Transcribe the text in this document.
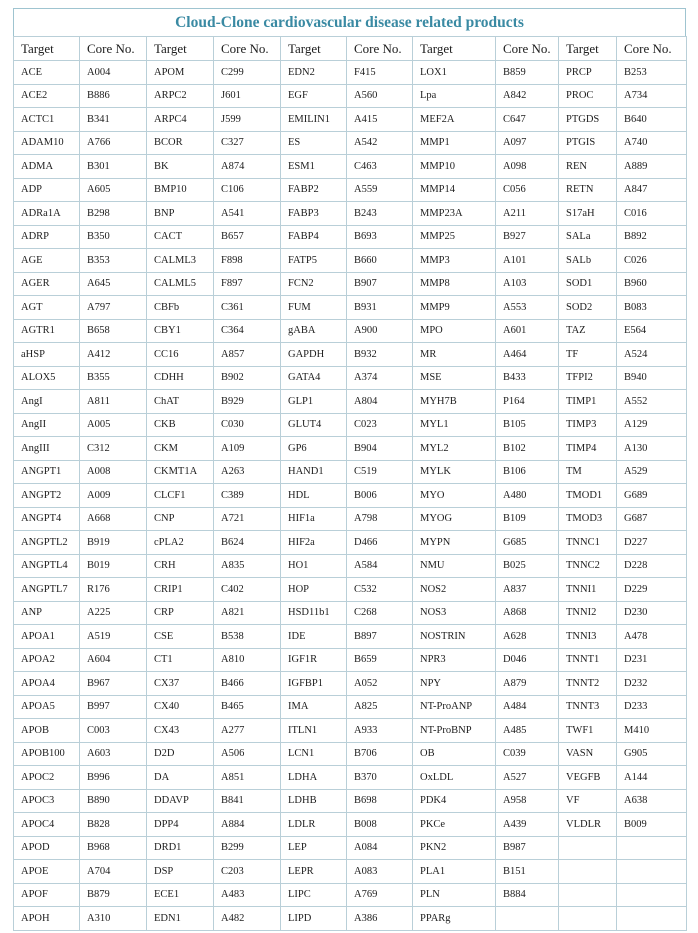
Cloud-Clone cardiovascular disease related products
Target	Core No.	Target	Core No.	Target	Core No.	Target	Core No.	Target	Core No.
ACE	A004	APOM	C299	EDN2	F415	LOX1	B859	PRCP	B253
ACE2	B886	ARPC2	J601	EGF	A560	Lpa	A842	PROC	A734
ACTC1	B341	ARPC4	J599	EMILIN1	A415	MEF2A	C647	PTGDS	B640
ADAM10	A766	BCOR	C327	ES	A542	MMP1	A097	PTGIS	A740
ADMA	B301	BK	A874	ESM1	C463	MMP10	A098	REN	A889
ADP	A605	BMP10	C106	FABP2	A559	MMP14	C056	RETN	A847
ADRa1A	B298	BNP	A541	FABP3	B243	MMP23A	A211	S17aH	C016
ADRP	B350	CACT	B657	FABP4	B693	MMP25	B927	SALa	B892
AGE	B353	CALML3	F898	FATP5	B660	MMP3	A101	SALb	C026
AGER	A645	CALML5	F897	FCN2	B907	MMP8	A103	SOD1	B960
AGT	A797	CBFb	C361	FUM	B931	MMP9	A553	SOD2	B083
AGTR1	B658	CBY1	C364	gABA	A900	MPO	A601	TAZ	E564
aHSP	A412	CC16	A857	GAPDH	B932	MR	A464	TF	A524
ALOX5	B355	CDHH	B902	GATA4	A374	MSE	B433	TFPI2	B940
AngI	A811	ChAT	B929	GLP1	A804	MYH7B	P164	TIMP1	A552
AngII	A005	CKB	C030	GLUT4	C023	MYL1	B105	TIMP3	A129
AngIII	C312	CKM	A109	GP6	B904	MYL2	B102	TIMP4	A130
ANGPT1	A008	CKMT1A	A263	HAND1	C519	MYLK	B106	TM	A529
ANGPT2	A009	CLCF1	C389	HDL	B006	MYO	A480	TMOD1	G689
ANGPT4	A668	CNP	A721	HIF1a	A798	MYOG	B109	TMOD3	G687
ANGPTL2	B919	cPLA2	B624	HIF2a	D466	MYPN	G685	TNNC1	D227
ANGPTL4	B019	CRH	A835	HO1	A584	NMU	B025	TNNC2	D228
ANGPTL7	R176	CRIP1	C402	HOP	C532	NOS2	A837	TNNI1	D229
ANP	A225	CRP	A821	HSD11b1	C268	NOS3	A868	TNNI2	D230
APOA1	A519	CSE	B538	IDE	B897	NOSTRIN	A628	TNNI3	A478
APOA2	A604	CT1	A810	IGF1R	B659	NPR3	D046	TNNT1	D231
APOA4	B967	CX37	B466	IGFBP1	A052	NPY	A879	TNNT2	D232
APOA5	B997	CX40	B465	IMA	A825	NT-ProANP	A484	TNNT3	D233
APOB	C003	CX43	A277	ITLN1	A933	NT-ProBNP	A485	TWF1	M410
APOB100	A603	D2D	A506	LCN1	B706	OB	C039	VASN	G905
APOC2	B996	DA	A851	LDHA	B370	OxLDL	A527	VEGFB	A144
APOC3	B890	DDAVP	B841	LDHB	B698	PDK4	A958	VF	A638
APOC4	B828	DPP4	A884	LDLR	B008	PKCe	A439	VLDLR	B009
APOD	B968	DRD1	B299	LEP	A084	PKN2	B987		
APOE	A704	DSP	C203	LEPR	A083	PLA1	B151		
APOF	B879	ECE1	A483	LIPC	A769	PLN	B884		
APOH	A310	EDN1	A482	LIPD	A386	PPARg			
